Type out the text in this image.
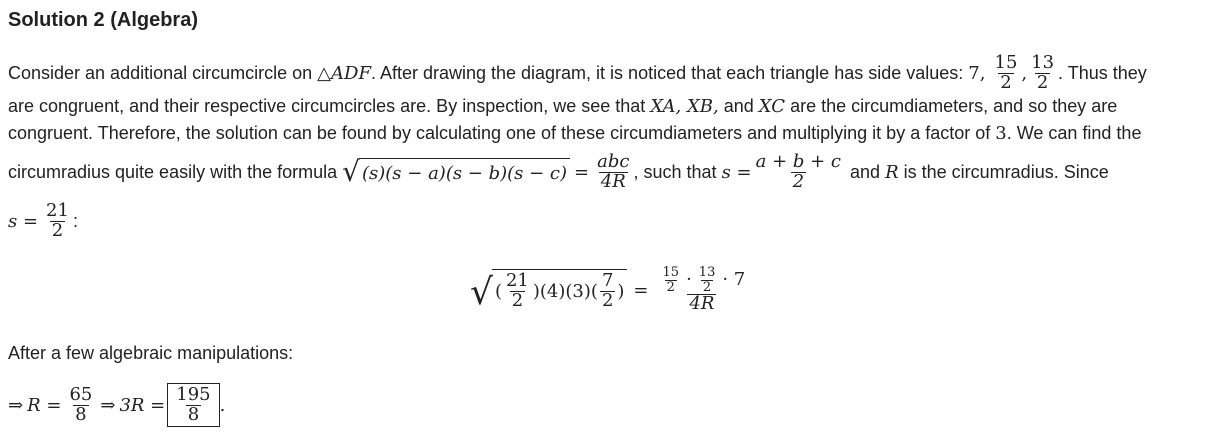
Solution 2 (Algebra)
Consider an additional circumcircle on
△ADF . After drawing the diagram, it is noticed that each triangle has side values:
7,
$\frac{15}{2}$ , $\frac{13}{2}$ . Thus they
are congruent, and their respective circumcircles are. By inspection, we see that XA, XB, and XC are the circumdiameters, and so they are
congruent. Therefore, the solution can be found by calculating one of these circumdiameters and multiplying it by a factor of 3. We can find the
circumradius quite easily with the formula
√ $(s)(s - a)(s - b)(s - c) = \frac{\text{abc}}{4R}$ , such that
$s = \frac{a + b + c}{2}$
and
R
is the circumradius. Since
$s = \frac{21}{2}$ :
√ ( $\frac{21}{2} )(4)(3)( \frac{7}{2}$ ) = $\frac{\frac{15}{2} \cdot \frac{13}{2} \cdot 7}{4R}$
After a few algebraic manipulations:
⇒ $R = \frac{65}{8}$ ⇒ $3R = \frac{195}{8}$ .
